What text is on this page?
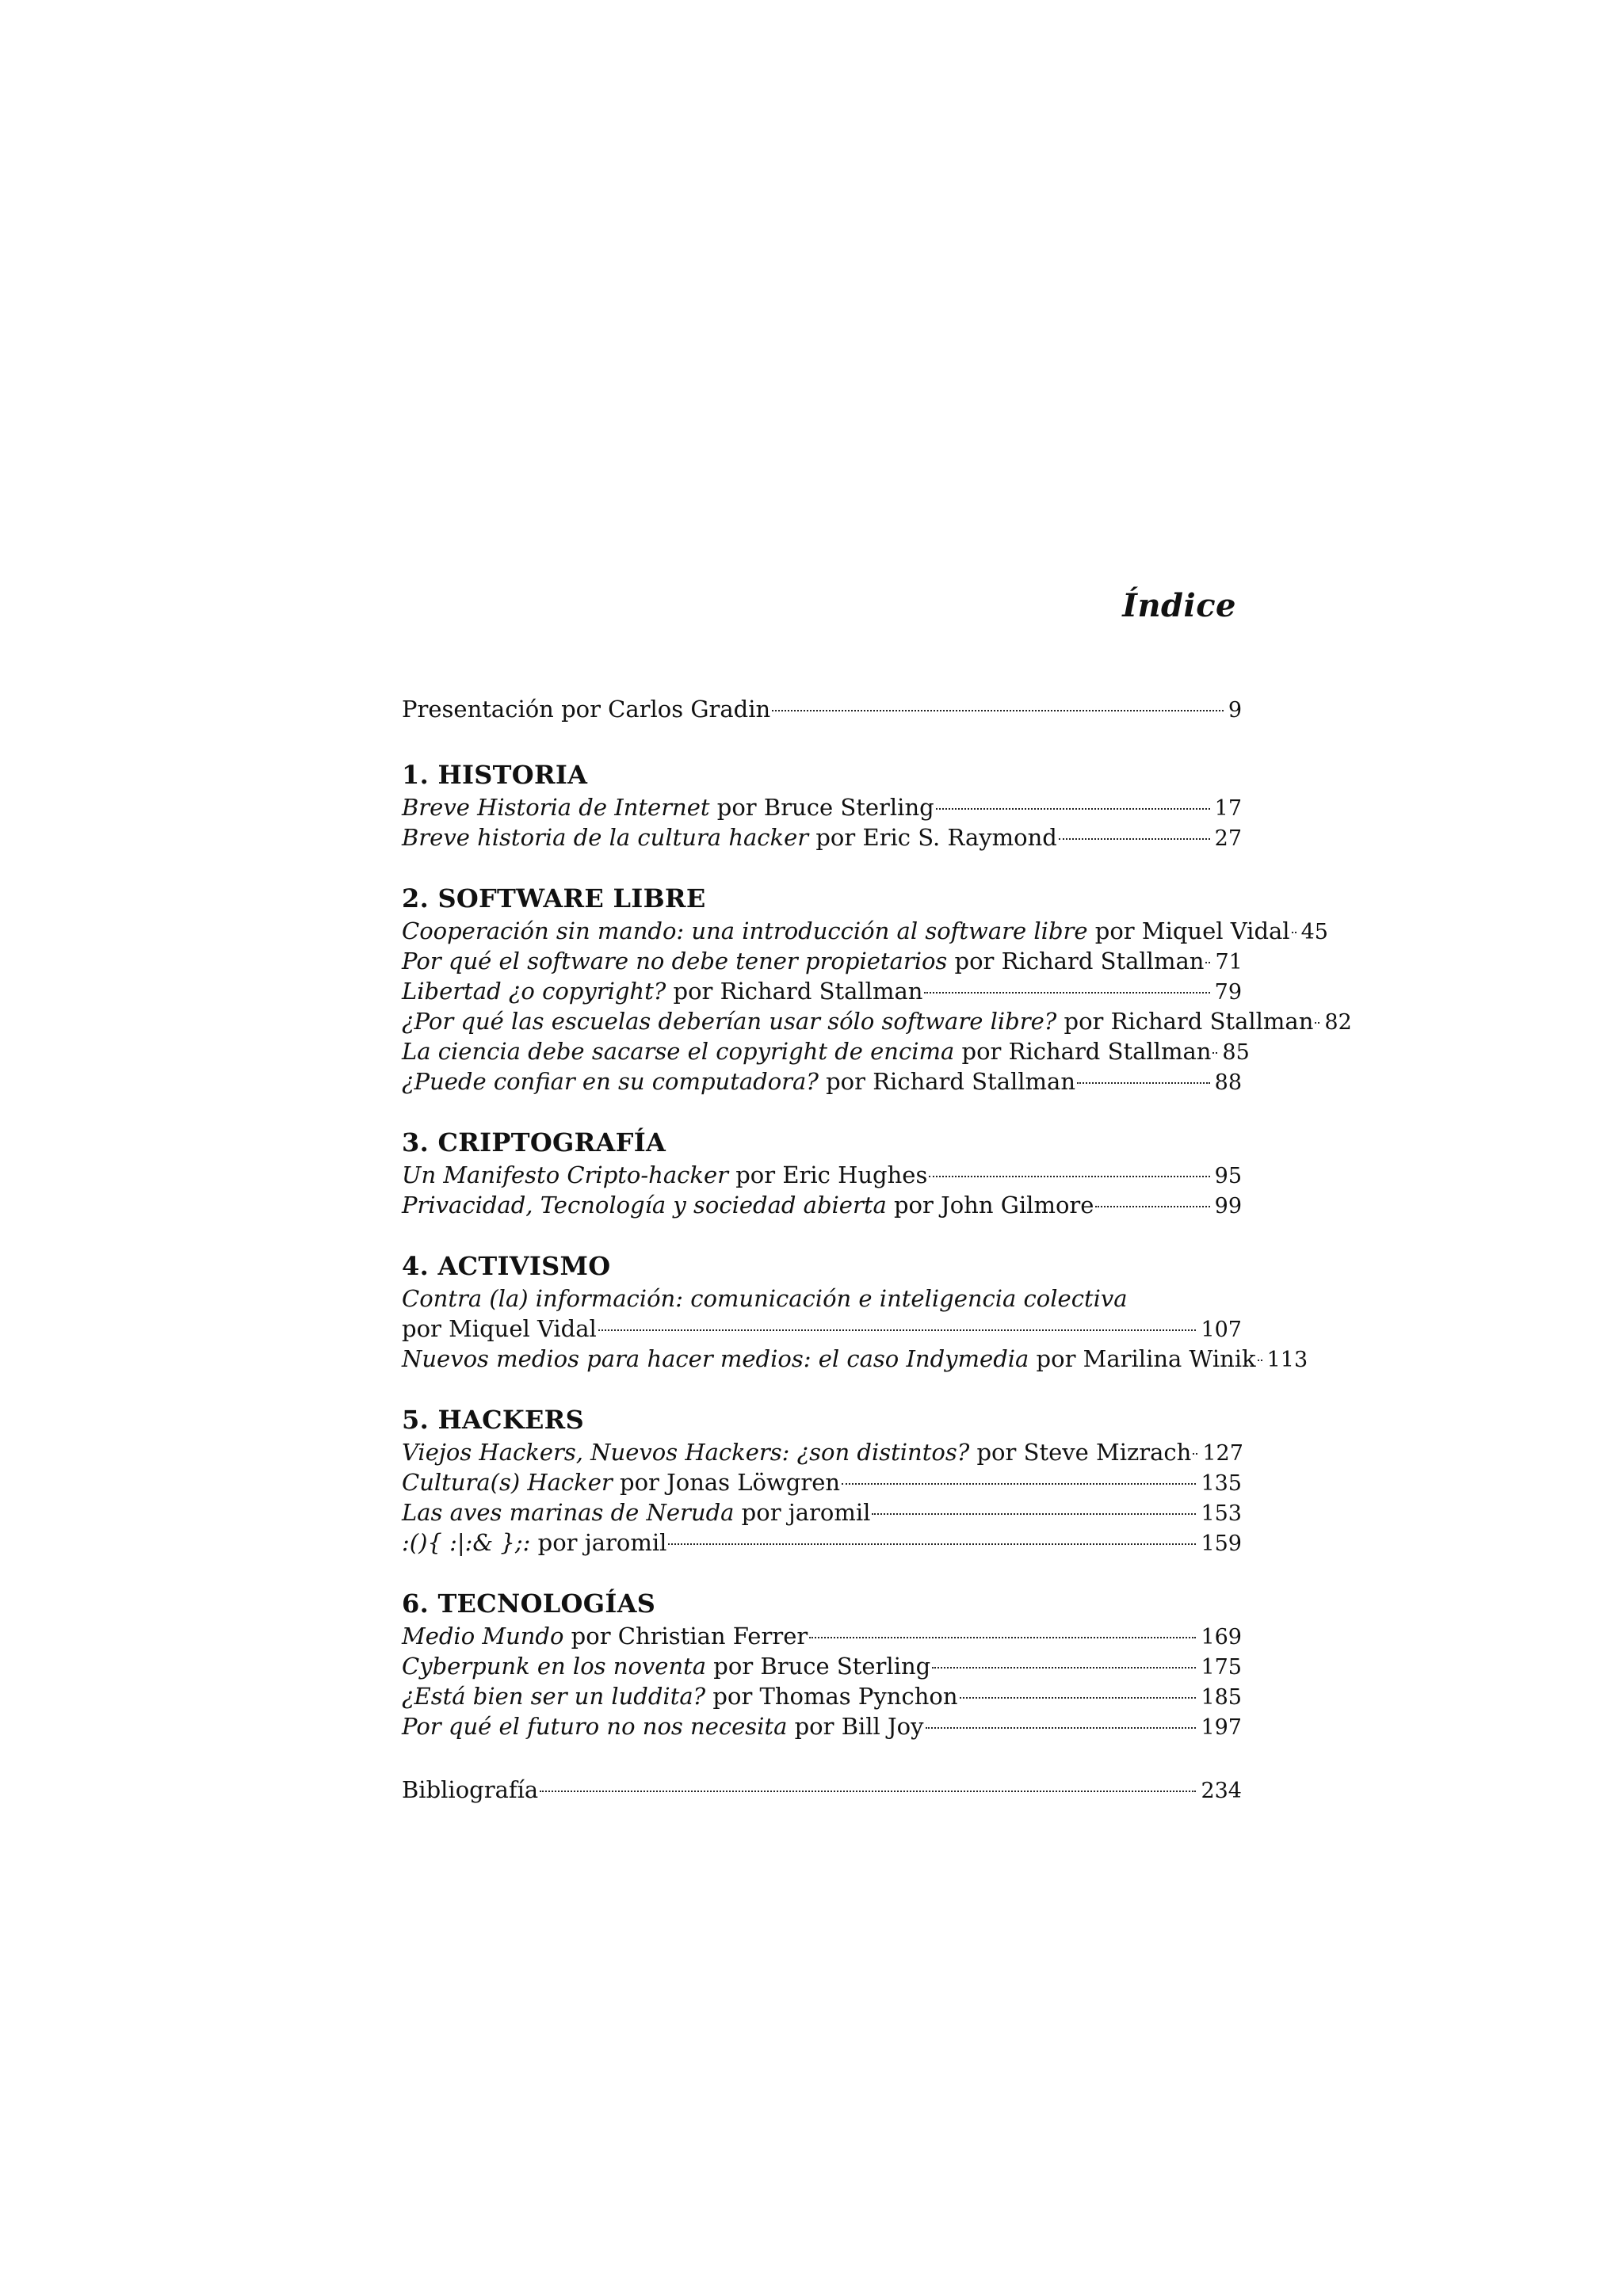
Índice
Presentación por Carlos Gradin	9
1. HISTORIA
Breve Historia de Internet por Bruce Sterling	17
Breve historia de la cultura hacker por Eric S. Raymond	27
2. SOFTWARE LIBRE
Cooperación sin mando: una introducción al software libre por Miquel Vidal 45
Por qué el software no debe tener propietarios por Richard Stallman 71
Libertad ¿o copyright? por Richard Stallman	79
¿Por qué las escuelas deberían usar sólo software libre? por Richard Stallman 82
La ciencia debe sacarse el copyright de encima por Richard Stallman 85
¿Puede confiar en su computadora? por Richard Stallman	88
3. CRIPTOGRAFÍA
Un Manifesto Cripto-hacker por Eric Hughes	95
Privacidad, Tecnología y sociedad abierta por John Gilmore	99
4. ACTIVISMO
Contra (la) información: comunicación e inteligencia colectiva
por Miquel Vidal	107
Nuevos medios para hacer medios: el caso Indymedia por Marilina Winik 113
5. HACKERS
Viejos Hackers, Nuevos Hackers: ¿son distintos? por Steve Mizrach 127
Cultura(s) Hacker por Jonas Löwgren	135
Las aves marinas de Neruda por jaromil	153
:(){ :|:& };: por jaromil	159
6. TECNOLOGÍAS
Medio Mundo por Christian Ferrer	169
Cyberpunk en los noventa por Bruce Sterling	175
¿Está bien ser un luddita? por Thomas Pynchon	185
Por qué el futuro no nos necesita por Bill Joy	197
Bibliografía	234
